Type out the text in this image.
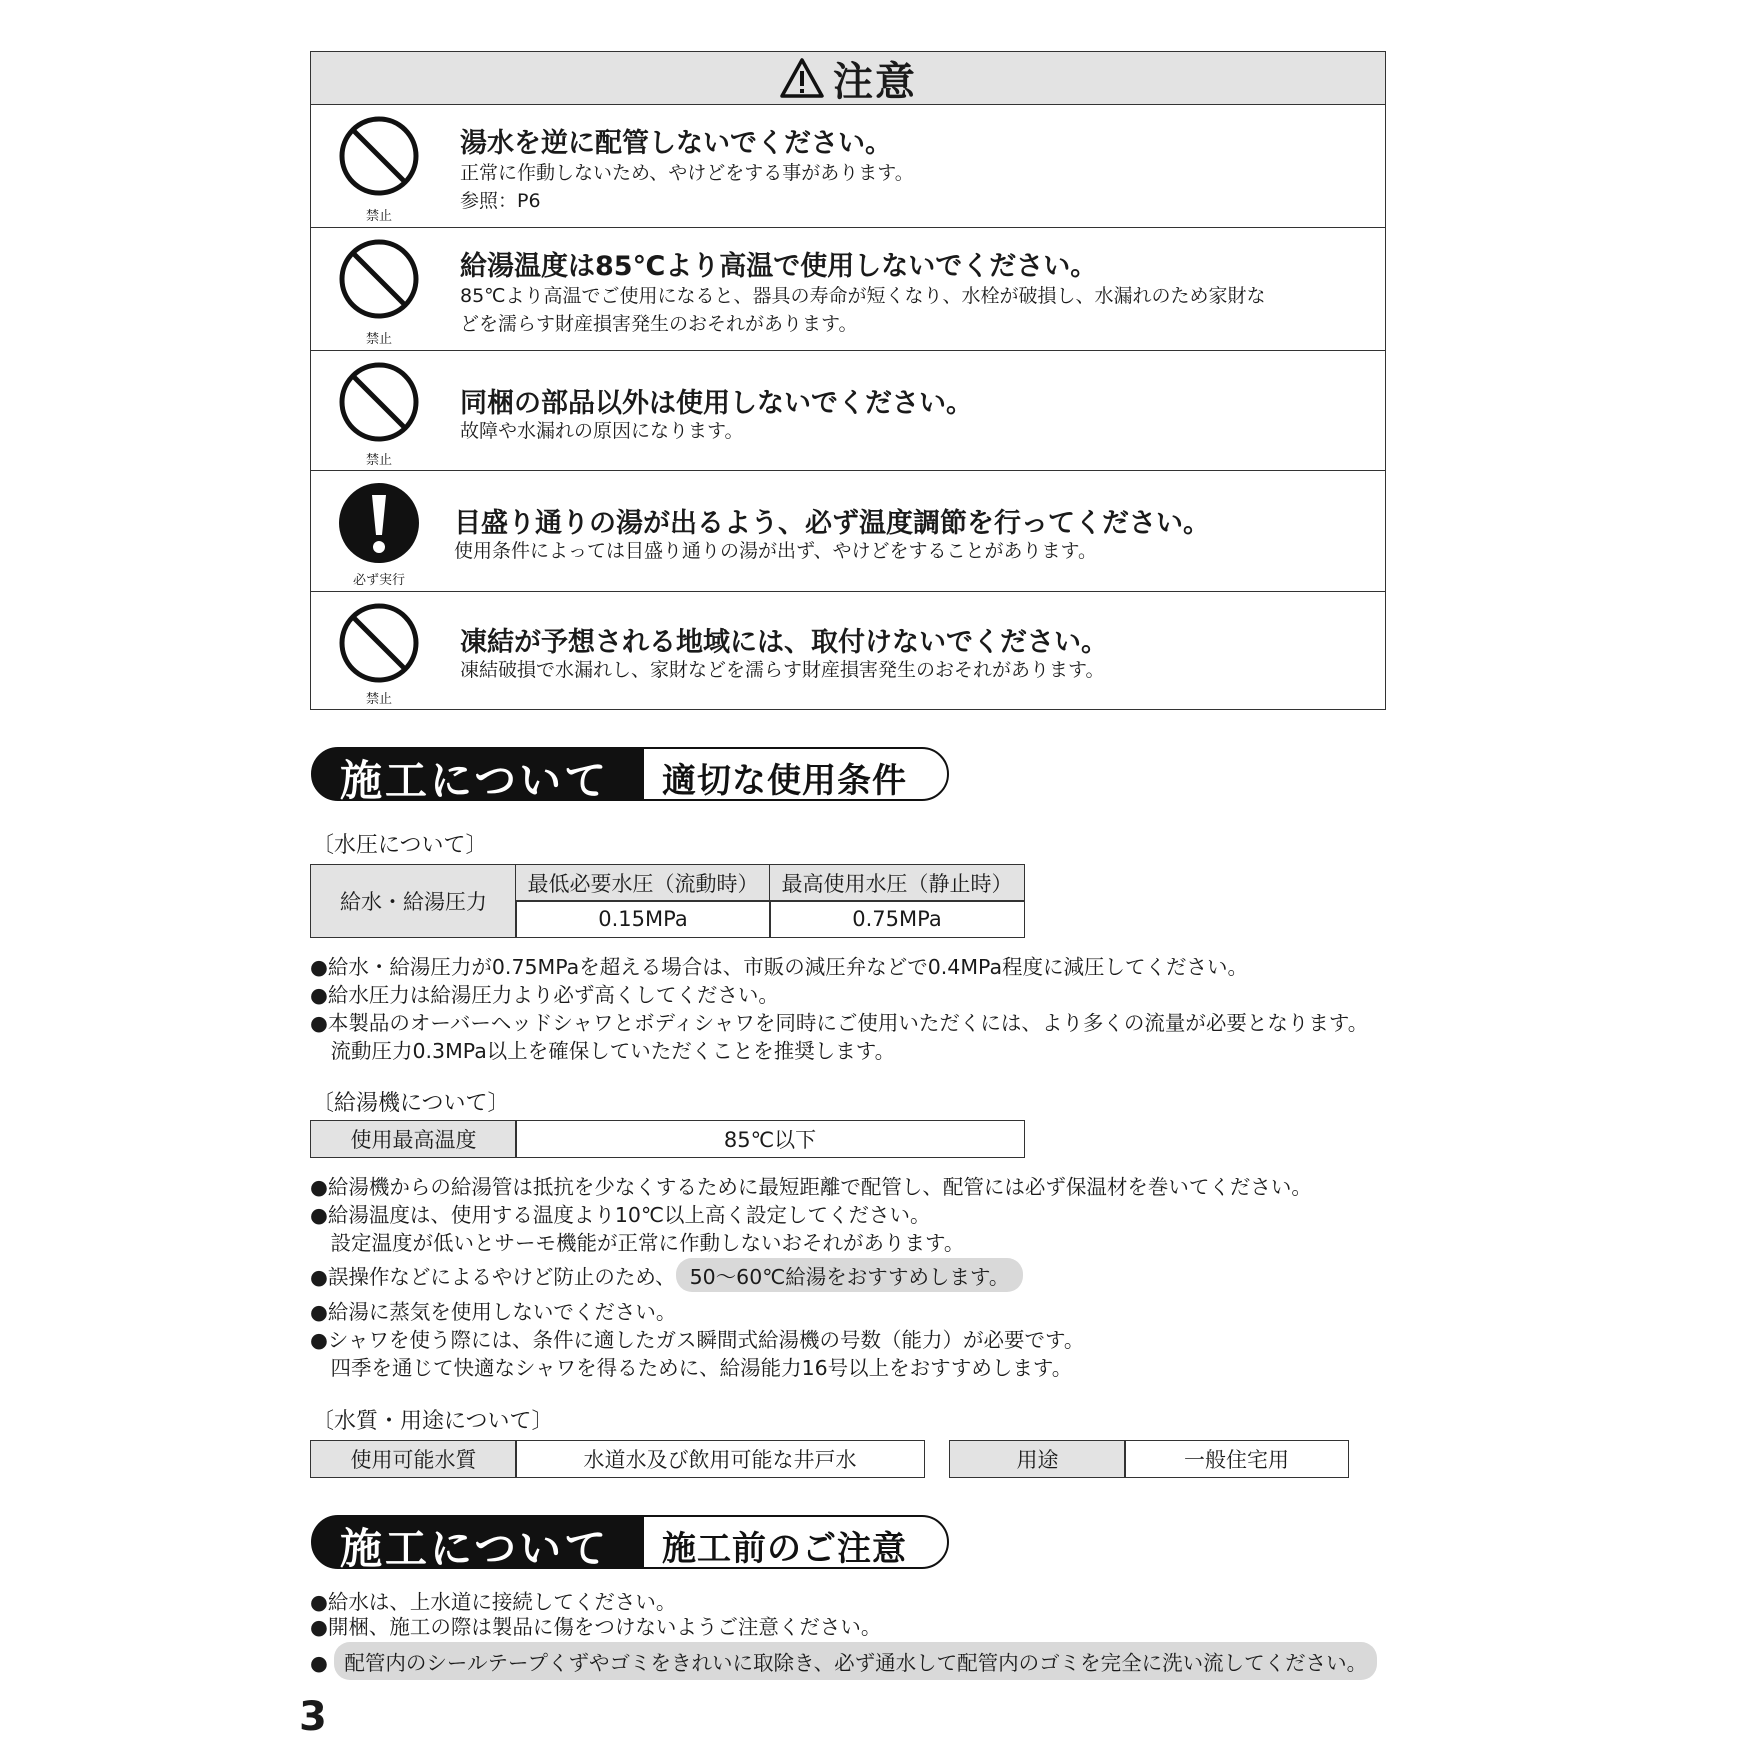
注意
禁止
湯水を逆に配管しないでください。
正常に作動しないため、やけどをする事があります。
参照：P6
禁止
給湯温度は85℃より高温で使用しないでください。
85℃より高温でご使用になると、器具の寿命が短くなり、水栓が破損し、水漏れのため家財な
どを濡らす財産損害発生のおそれがあります。
禁止
同梱の部品以外は使用しないでください。
故障や水漏れの原因になります。
必ず実行
目盛り通りの湯が出るよう、必ず温度調節を行ってください。
使用条件によっては目盛り通りの湯が出ず、やけどをすることがあります。
禁止
凍結が予想される地域には、取付けないでください。
凍結破損で水漏れし、家財などを濡らす財産損害発生のおそれがあります。
施工について 適切な使用条件
〔水圧について〕
給水・給湯圧力
最低必要水圧（流動時）	最高使用水圧（静止時）
0.15MPa	0.75MPa
●給水・給湯圧力が0.75MPaを超える場合は、市販の減圧弁などで0.4MPa程度に減圧してください。
●給水圧力は給湯圧力より必ず高くしてください。
●本製品のオーバーヘッドシャワとボディシャワを同時にご使用いただくには、より多くの流量が必要となります。
　流動圧力0.3MPa以上を確保していただくことを推奨します。
〔給湯機について〕
使用最高温度	85℃以下
●給湯機からの給湯管は抵抗を少なくするために最短距離で配管し、配管には必ず保温材を巻いてください。
●給湯温度は、使用する温度より10℃以上高く設定してください。
　設定温度が低いとサーモ機能が正常に作動しないおそれがあります。
●誤操作などによるやけど防止のため、 50～60℃給湯をおすすめします。
●給湯に蒸気を使用しないでください。
●シャワを使う際には、条件に適したガス瞬間式給湯機の号数（能力）が必要です。
　四季を通じて快適なシャワを得るために、給湯能力16号以上をおすすめします。
〔水質・用途について〕
使用可能水質	水道水及び飲用可能な井戸水	用途	一般住宅用
施工について 施工前のご注意
●給水は、上水道に接続してください。
●開梱、施工の際は製品に傷をつけないようご注意ください。
● 配管内のシールテープくずやゴミをきれいに取除き、必ず通水して配管内のゴミを完全に洗い流してください。
3
